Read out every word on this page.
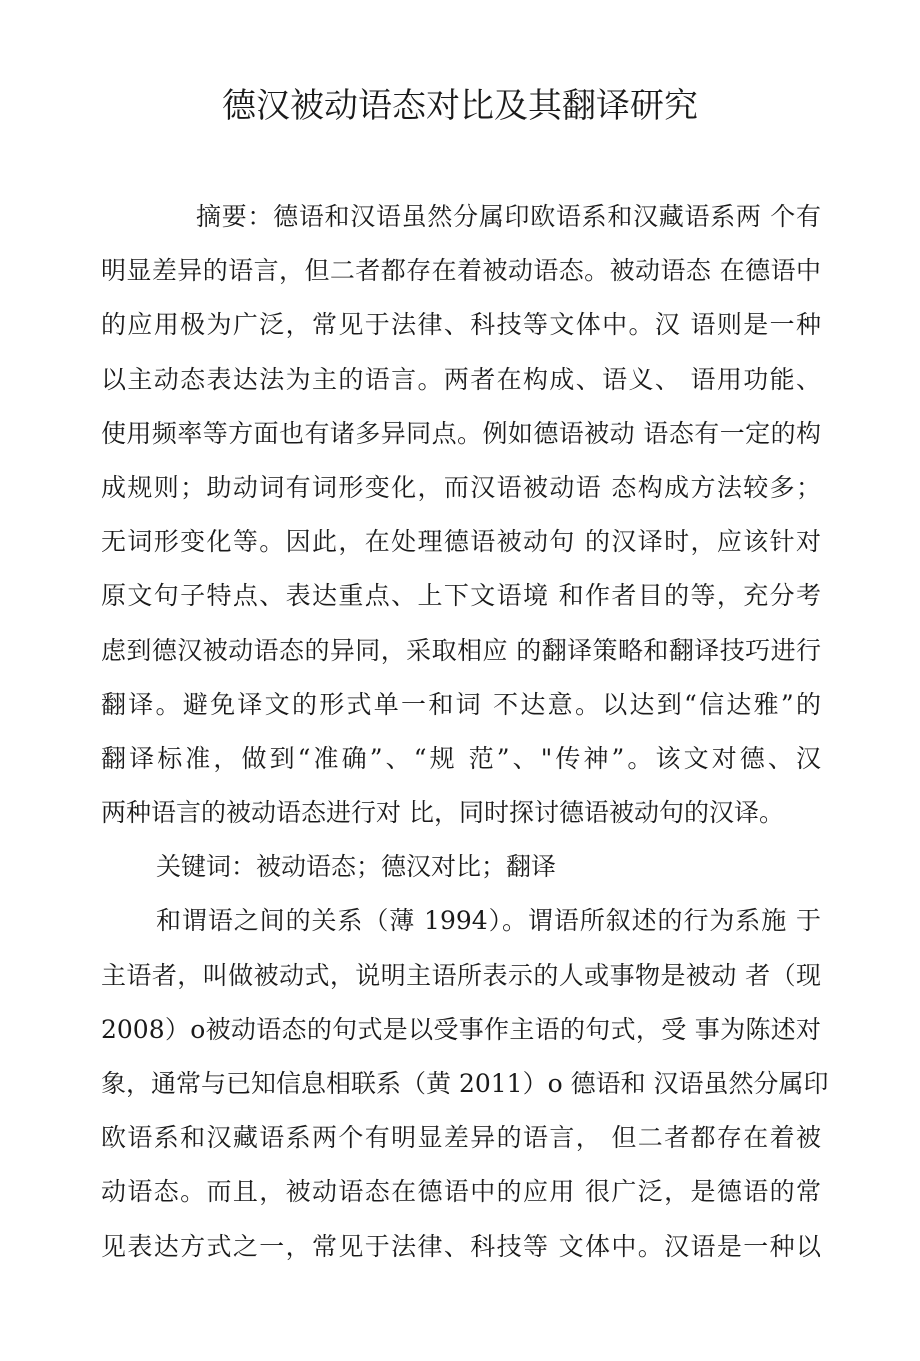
德汉被动语态对比及其翻译研究
摘要：德语和汉语虽然分属印欧语系和汉藏语系两 个有
明显差异的语言，但二者都存在着被动语态。被动语态 在德语中
的应用极为广泛，常见于法律、科技等文体中。汉 语则是一种
以主动态表达法为主的语言。两者在构成、语义、 语用功能、
使用频率等方面也有诸多异同点。例如德语被动 语态有一定的构
成规则；助动词有词形变化，而汉语被动语 态构成方法较多；
无词形变化等。因此，在处理德语被动句 的汉译时，应该针对
原文句子特点、表达重点、上下文语境 和作者目的等，充分考
虑到德汉被动语态的异同，采取相应 的翻译策略和翻译技巧进行
翻译。避免译文的形式单一和词 不达意。以达到“信达雅”的
翻译标准，做到“准确”、“规 范”、"传神”。该文对德、汉
两种语言的被动语态进行对 比，同时探讨德语被动句的汉译。
关键词：被动语态；德汉对比；翻译
和谓语之间的关系（薄 1994）。谓语所叙述的行为系施 于
主语者，叫做被动式，说明主语所表示的人或事物是被动 者（现
2008）o被动语态的句式是以受事作主语的句式，受 事为陈述对
象，通常与已知信息相联系（黄 2011）o 德语和 汉语虽然分属印
欧语系和汉藏语系两个有明显差异的语言， 但二者都存在着被
动语态。而且，被动语态在德语中的应用 很广泛，是德语的常
见表达方式之一，常见于法律、科技等 文体中。汉语是一种以
